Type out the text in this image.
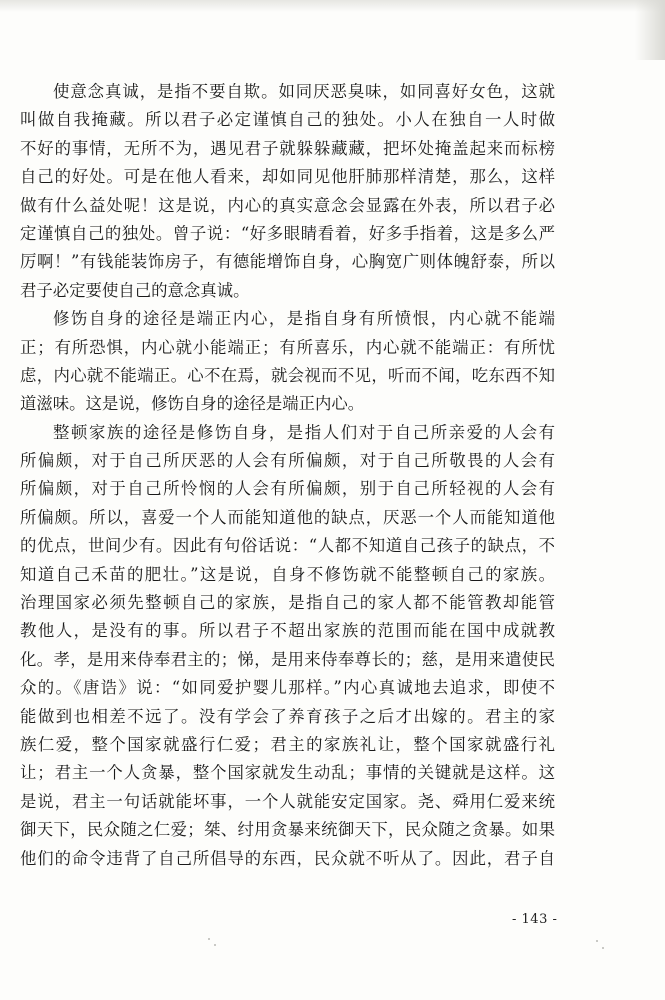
使意念真诚，是指不要自欺。如同厌恶臭味，如同喜好女色，这就
叫做自我掩藏。所以君子必定谨慎自己的独处。小人在独自一人时做
不好的事情，无所不为，遇见君子就躲躲藏藏，把坏处掩盖起来而标榜
自己的好处。可是在他人看来，却如同见他肝肺那样清楚，那么，这样
做有什么益处呢！这是说，内心的真实意念会显露在外表，所以君子必
定谨慎自己的独处。曾子说：“好多眼睛看着，好多手指着，这是多么严
厉啊！”有钱能装饰房子，有德能增饰自身，心胸宽广则体魄舒泰，所以
君子必定要使自己的意念真诚。
修饬自身的途径是端正内心，是指自身有所愤恨，内心就不能端
正；有所恐惧，内心就小能端正；有所喜乐，内心就不能端正：有所忧
虑，内心就不能端正。心不在焉，就会视而不见，听而不闻，吃东西不知
道滋味。这是说，修饬自身的途径是端正内心。
整顿家族的途径是修饬自身，是指人们对于自己所亲爱的人会有
所偏颇，对于自己所厌恶的人会有所偏颇，对于自己所敬畏的人会有
所偏颇，对于自己所怜悯的人会有所偏颇，别于自己所轻视的人会有
所偏颇。所以，喜爱一个人而能知道他的缺点，厌恶一个人而能知道他
的优点，世间少有。因此有句俗话说：“人都不知道自己孩子的缺点，不
知道自己禾苗的肥壮。”这是说，自身不修饬就不能整顿自己的家族。
治理国家必须先整顿自己的家族，是指自己的家人都不能管教却能管
教他人，是没有的事。所以君子不超出家族的范围而能在国中成就教
化。孝，是用来侍奉君主的；悌，是用来侍奉尊长的；慈，是用来遣使民
众的。《唐诰》说：“如同爱护婴儿那样。”内心真诚地去追求，即使不
能做到也相差不远了。没有学会了养育孩子之后才出嫁的。君主的家
族仁爱，整个国家就盛行仁爱；君主的家族礼让，整个国家就盛行礼
让；君主一个人贪暴，整个国家就发生动乱；事情的关键就是这样。这
是说，君主一句话就能坏事，一个人就能安定国家。尧、舜用仁爱来统
御天下，民众随之仁爱；桀、纣用贪暴来统御天下，民众随之贪暴。如果
他们的命令违背了自己所倡导的东西，民众就不听从了。因此，君子自
- 143 -
